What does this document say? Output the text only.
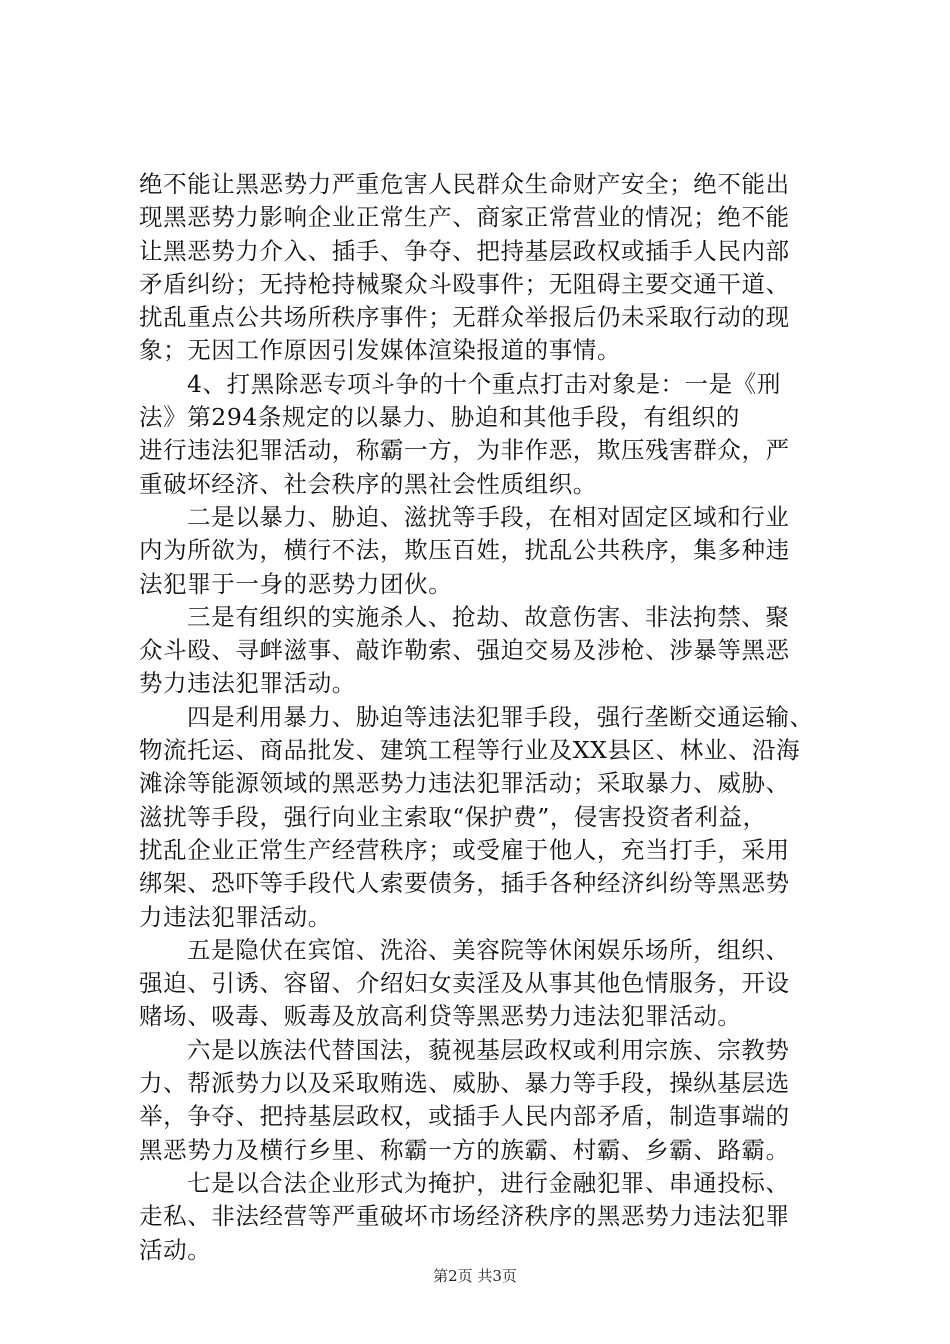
绝不能让黑恶势力严重危害人民群众生命财产安全；绝不能出
现黑恶势力影响企业正常生产、商家正常营业的情况；绝不能
让黑恶势力介入、插手、争夺、把持基层政权或插手人民内部
矛盾纠纷；无持枪持械聚众斗殴事件；无阻碍主要交通干道、
扰乱重点公共场所秩序事件；无群众举报后仍未采取行动的现
象；无因工作原因引发媒体渲染报道的事情。
4、打黑除恶专项斗争的十个重点打击对象是：一是《刑
法》第294条规定的以暴力、胁迫和其他手段，有组织的
进行违法犯罪活动，称霸一方，为非作恶，欺压残害群众，严
重破坏经济、社会秩序的黑社会性质组织。
二是以暴力、胁迫、滋扰等手段，在相对固定区域和行业
内为所欲为，横行不法，欺压百姓，扰乱公共秩序，集多种违
法犯罪于一身的恶势力团伙。
三是有组织的实施杀人、抢劫、故意伤害、非法拘禁、聚
众斗殴、寻衅滋事、敲诈勒索、强迫交易及涉枪、涉暴等黑恶
势力违法犯罪活动。
四是利用暴力、胁迫等违法犯罪手段，强行垄断交通运输、
物流托运、商品批发、建筑工程等行业及XX县区、林业、沿海
滩涂等能源领域的黑恶势力违法犯罪活动；采取暴力、威胁、
滋扰等手段，强行向业主索取“保护费”，侵害投资者利益，
扰乱企业正常生产经营秩序；或受雇于他人，充当打手，采用
绑架、恐吓等手段代人索要债务，插手各种经济纠纷等黑恶势
力违法犯罪活动。
五是隐伏在宾馆、洗浴、美容院等休闲娱乐场所，组织、
强迫、引诱、容留、介绍妇女卖淫及从事其他色情服务，开设
赌场、吸毒、贩毒及放高利贷等黑恶势力违法犯罪活动。
六是以族法代替国法，藐视基层政权或利用宗族、宗教势
力、帮派势力以及采取贿选、威胁、暴力等手段，操纵基层选
举，争夺、把持基层政权，或插手人民内部矛盾，制造事端的
黑恶势力及横行乡里、称霸一方的族霸、村霸、乡霸、路霸。
七是以合法企业形式为掩护，进行金融犯罪、串通投标、
走私、非法经营等严重破坏市场经济秩序的黑恶势力违法犯罪
活动。
第2页 共3页
